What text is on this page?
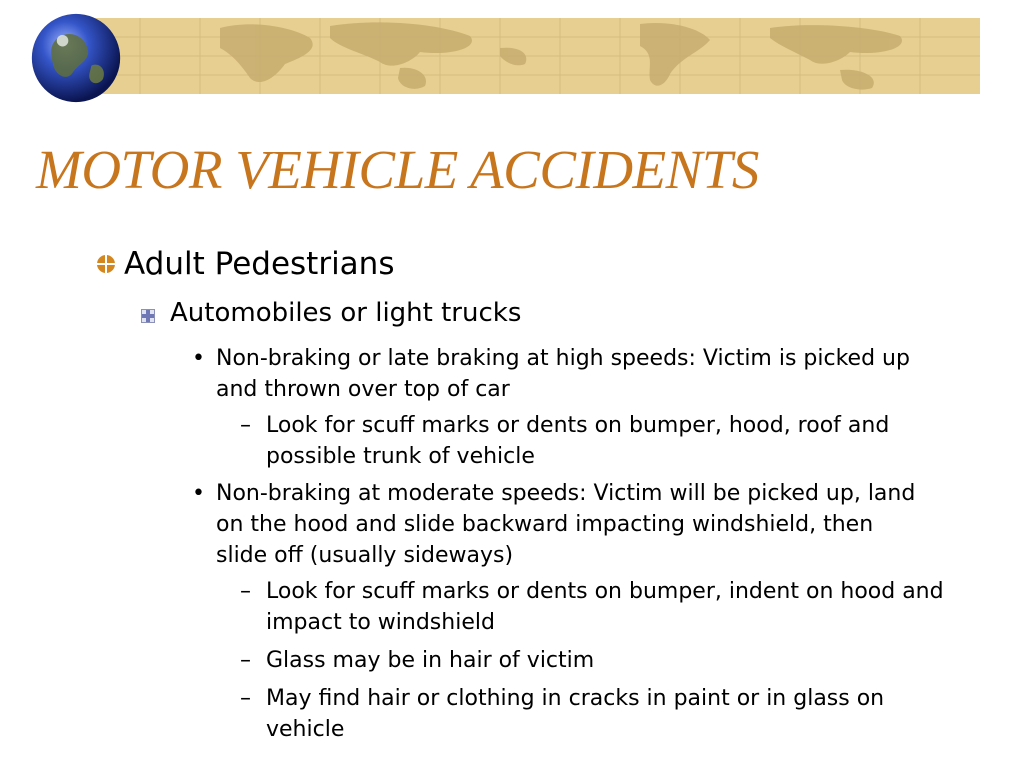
MOTOR VEHICLE ACCIDENTS

Adult Pedestrians

Automobiles or light trucks

• Non-braking or late braking at high speeds: Victim is picked up and thrown over top of car

– Look for scuff marks or dents on bumper, hood, roof and possible trunk of vehicle

• Non-braking at moderate speeds: Victim will be picked up, land on the hood and slide backward impacting windshield, then slide off (usually sideways)

– Look for scuff marks or dents on bumper, indent on hood and impact to windshield

– Glass may be in hair of victim

– May find hair or clothing in cracks in paint or in glass on vehicle
